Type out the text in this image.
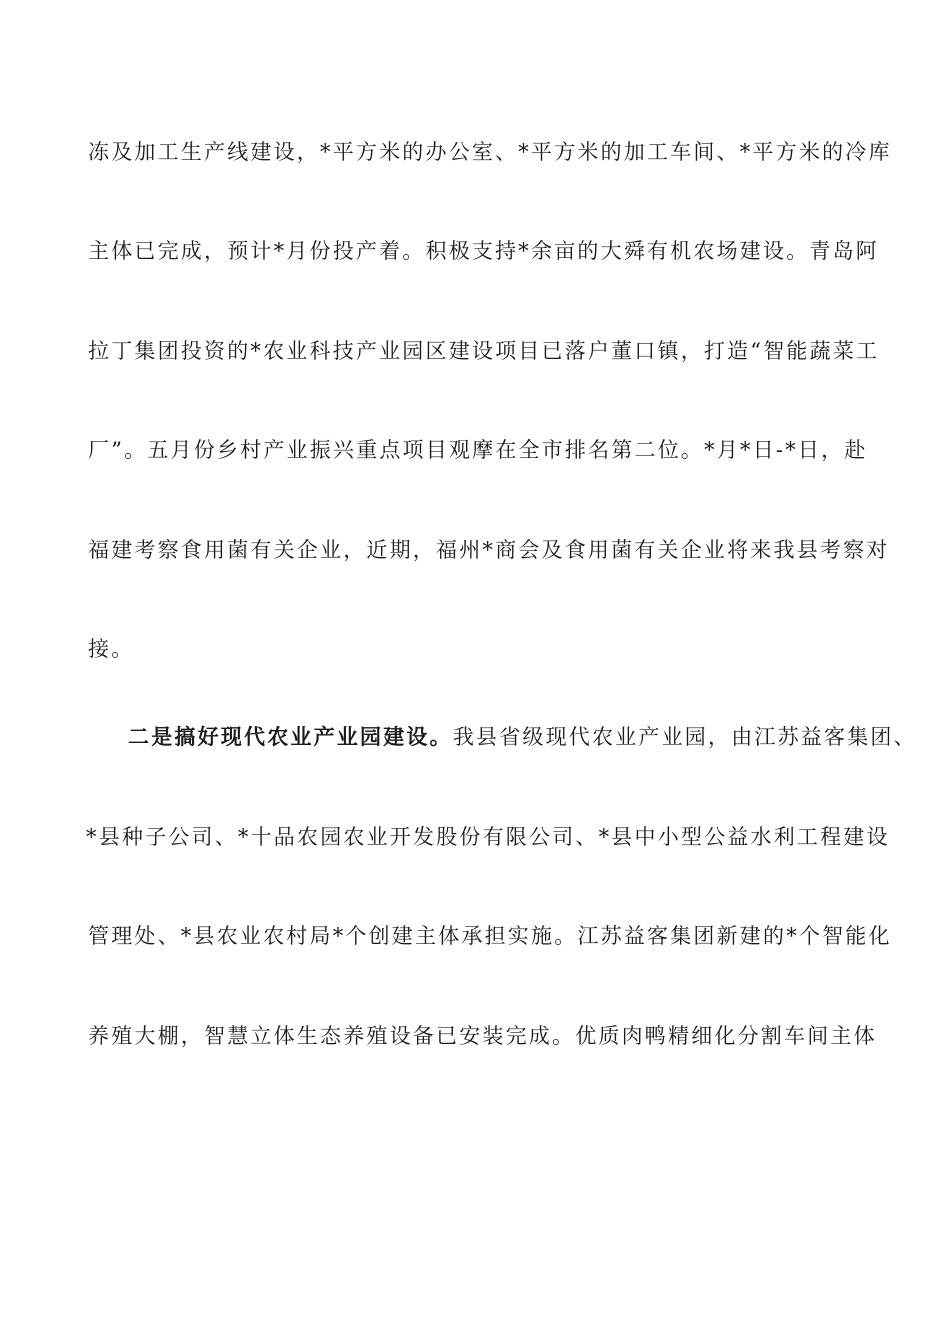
冻及加工生产线建设，*平方米的办公室、*平方米的加工车间、*平方米的冷库
主体已完成，预计*月份投产着。积极支持*余亩的大舜有机农场建设。青岛阿
拉丁集团投资的*农业科技产业园区建设项目已落户董口镇，打造“智能蔬菜工
厂”。五月份乡村产业振兴重点项目观摩在全市排名第二位。*月*日-*日，赴
福建考察食用菌有关企业，近期，福州*商会及食用菌有关企业将来我县考察对
接。
二是搞好现代农业产业园建设。我县省级现代农业产业园，由江苏益客集团、
*县种子公司、*十品农园农业开发股份有限公司、*县中小型公益水利工程建设
管理处、*县农业农村局*个创建主体承担实施。江苏益客集团新建的*个智能化
养殖大棚，智慧立体生态养殖设备已安装完成。优质肉鸭精细化分割车间主体
